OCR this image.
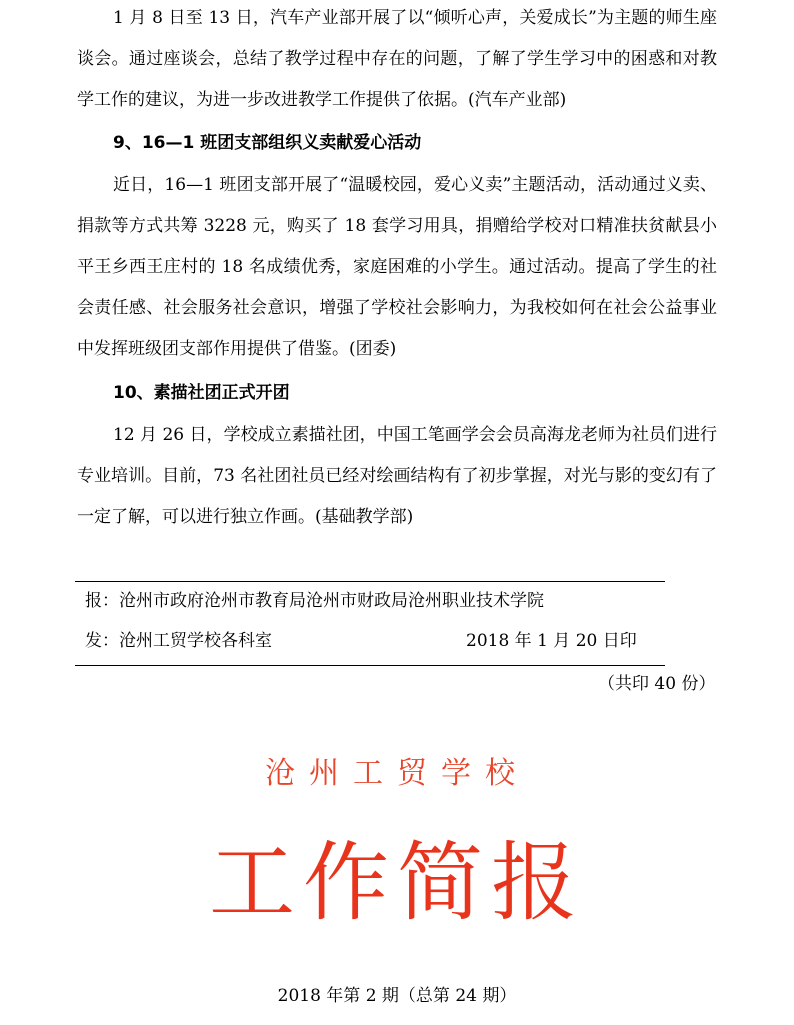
1 月 8 日至 13 日，汽车产业部开展了以“倾听心声，关爱成长”为主题的师生座谈会。通过座谈会，总结了教学过程中存在的问题，了解了学生学习中的困惑和对教学工作的建议，为进一步改进教学工作提供了依据。(汽车产业部)

9、16—1 班团支部组织义卖献爱心活动

近日，16—1 班团支部开展了“温暖校园，爱心义卖”主题活动，活动通过义卖、捐款等方式共筹 3228 元，购买了 18 套学习用具，捐赠给学校对口精准扶贫献县小平王乡西王庄村的 18 名成绩优秀，家庭困难的小学生。通过活动。提高了学生的社会责任感、社会服务社会意识，增强了学校社会影响力，为我校如何在社会公益事业中发挥班级团支部作用提供了借鉴。(团委)

10、素描社团正式开团

12 月 26 日，学校成立素描社团，中国工笔画学会会员高海龙老师为社员们进行专业培训。目前，73 名社团社员已经对绘画结构有了初步掌握，对光与影的变幻有了一定了解，可以进行独立作画。(基础教学部)

报：沧州市政府沧州市教育局沧州市财政局沧州职业技术学院
发：沧州工贸学校各科室	2018 年 1 月 20 日印
（共印 40 份）
沧州工贸学校
工作简报
2018 年第 2 期（总第 24 期）
